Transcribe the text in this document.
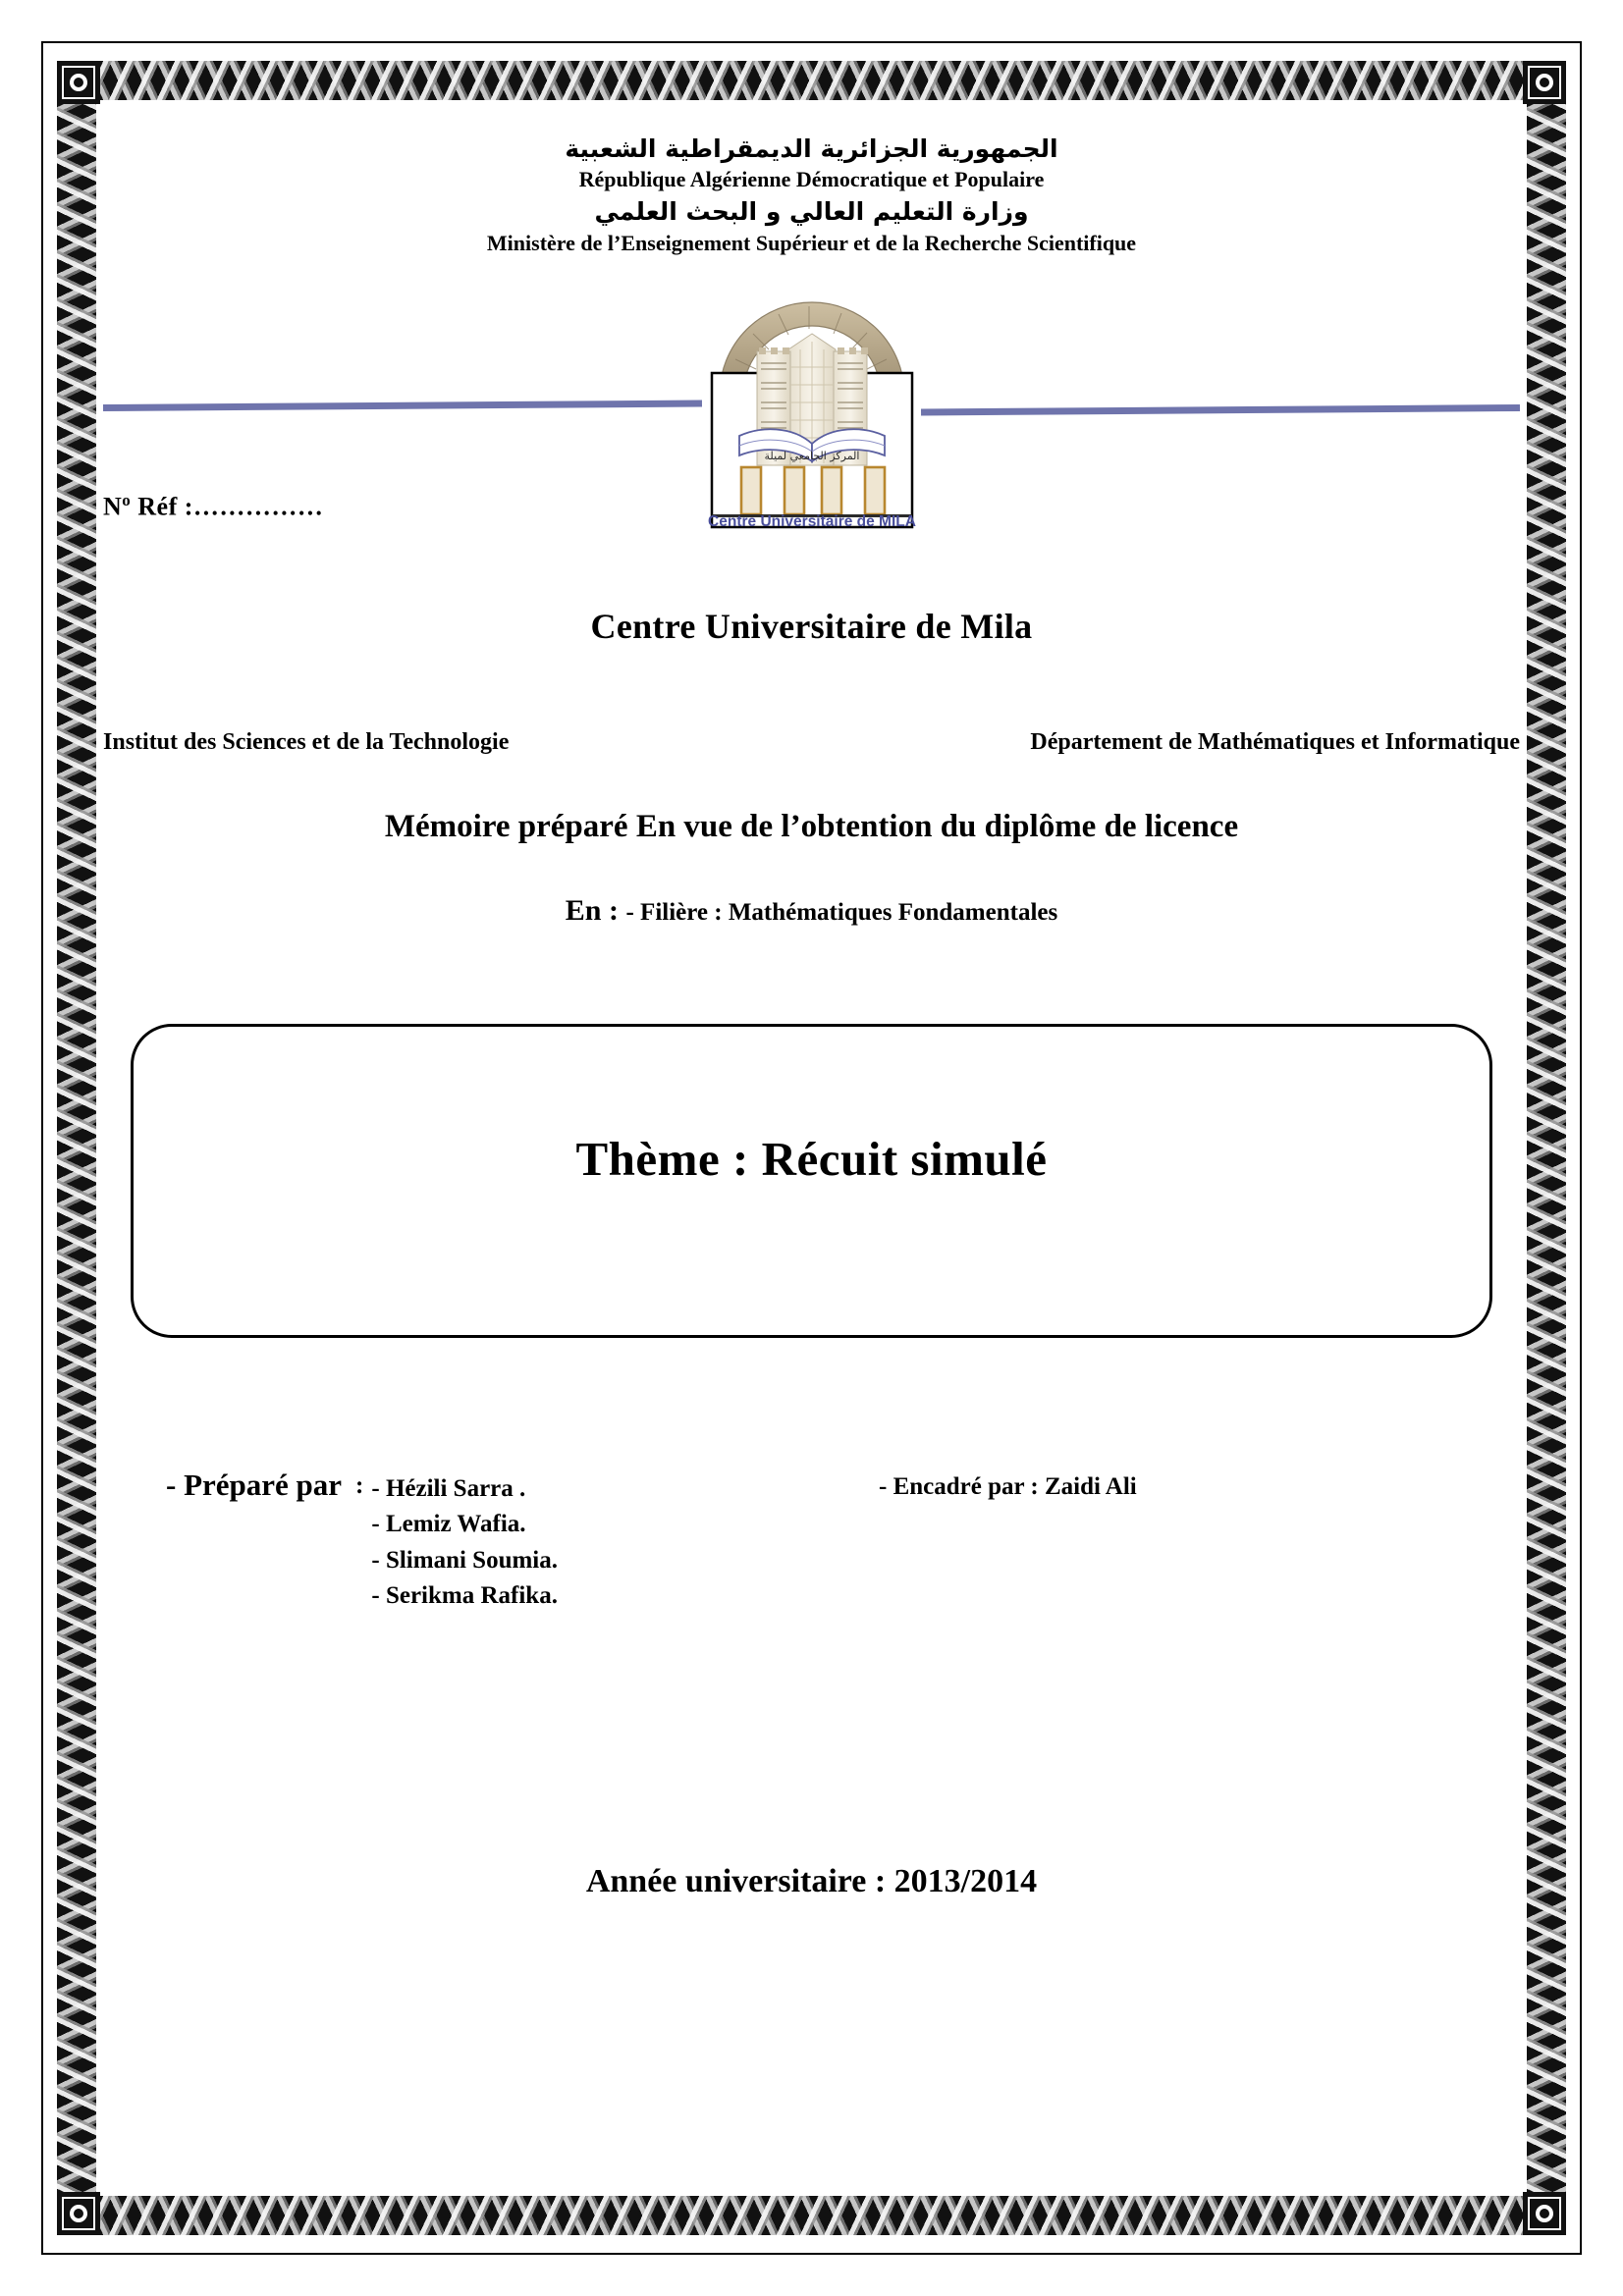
الجمهورية الجزائرية الديمقراطية الشعبية
République Algérienne Démocratique et Populaire
وزارة التعليم العالي و البحث العلمي
Ministère de l’Enseignement Supérieur et de la Recherche Scientifique
المركز الجامعي لميلة
Centre Universitaire de MILA
$N^o$ Réf :……………
Centre Universitaire de Mila
Institut des Sciences et de la Technologie	Département de Mathématiques et Informatique
Mémoire préparé En vue de l’obtention du diplôme de licence
En : - Filière : Mathématiques Fondamentales
Thème : Récuit simulé
- Préparé par : - Hézili Sarra .
- Lemiz Wafia.
- Slimani Soumia.
- Serikma Rafika.
- Encadré par : Zaidi Ali
Année universitaire : 2013/2014
